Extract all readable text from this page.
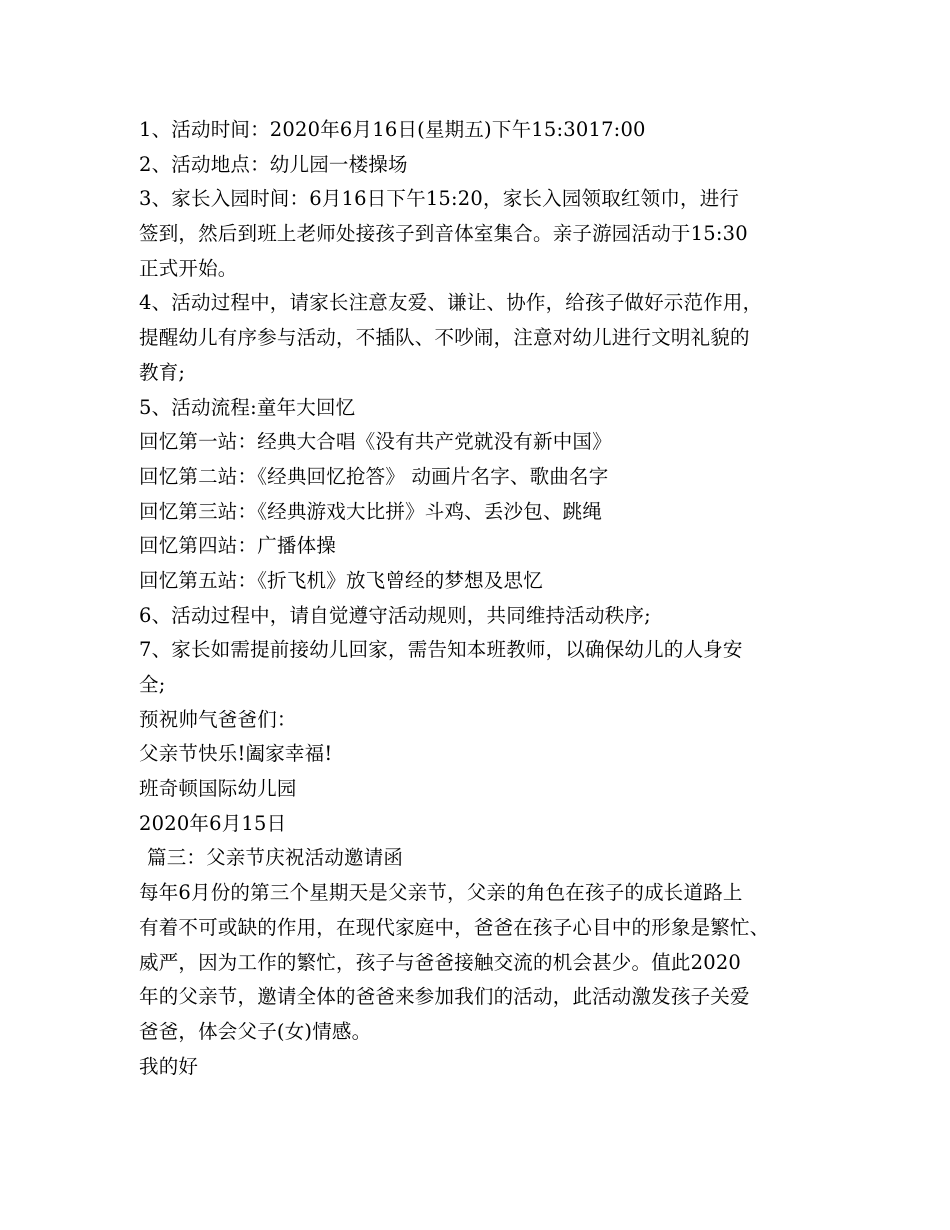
1、活动时间：2020年6月16日(星期五)下午15:3017:00
2、活动地点：幼儿园一楼操场
3、家长入园时间：6月16日下午15:20，家长入园领取红领巾，进行
签到，然后到班上老师处接孩子到音体室集合。亲子游园活动于15:30
正式开始。
4、活动过程中，请家长注意友爱、谦让、协作，给孩子做好示范作用，
提醒幼儿有序参与活动，不插队、不吵闹，注意对幼儿进行文明礼貌的
教育;
5、活动流程:童年大回忆
回忆第一站：经典大合唱《没有共产党就没有新中国》
回忆第二站：《经典回忆抢答》 动画片名字、歌曲名字
回忆第三站：《经典游戏大比拼》斗鸡、丢沙包、跳绳
回忆第四站：广播体操
回忆第五站：《折飞机》放飞曾经的梦想及思忆
6、活动过程中，请自觉遵守活动规则，共同维持活动秩序;
7、家长如需提前接幼儿回家，需告知本班教师，以确保幼儿的人身安
全;
预祝帅气爸爸们：
父亲节快乐!阖家幸福!
班奇顿国际幼儿园
2020年6月15日
篇三：父亲节庆祝活动邀请函
每年6月份的第三个星期天是父亲节，父亲的角色在孩子的成长道路上
有着不可或缺的作用，在现代家庭中，爸爸在孩子心目中的形象是繁忙、
威严，因为工作的繁忙，孩子与爸爸接触交流的机会甚少。值此2020
年的父亲节，邀请全体的爸爸来参加我们的活动，此活动激发孩子关爱
爸爸，体会父子(女)情感。
我的好
